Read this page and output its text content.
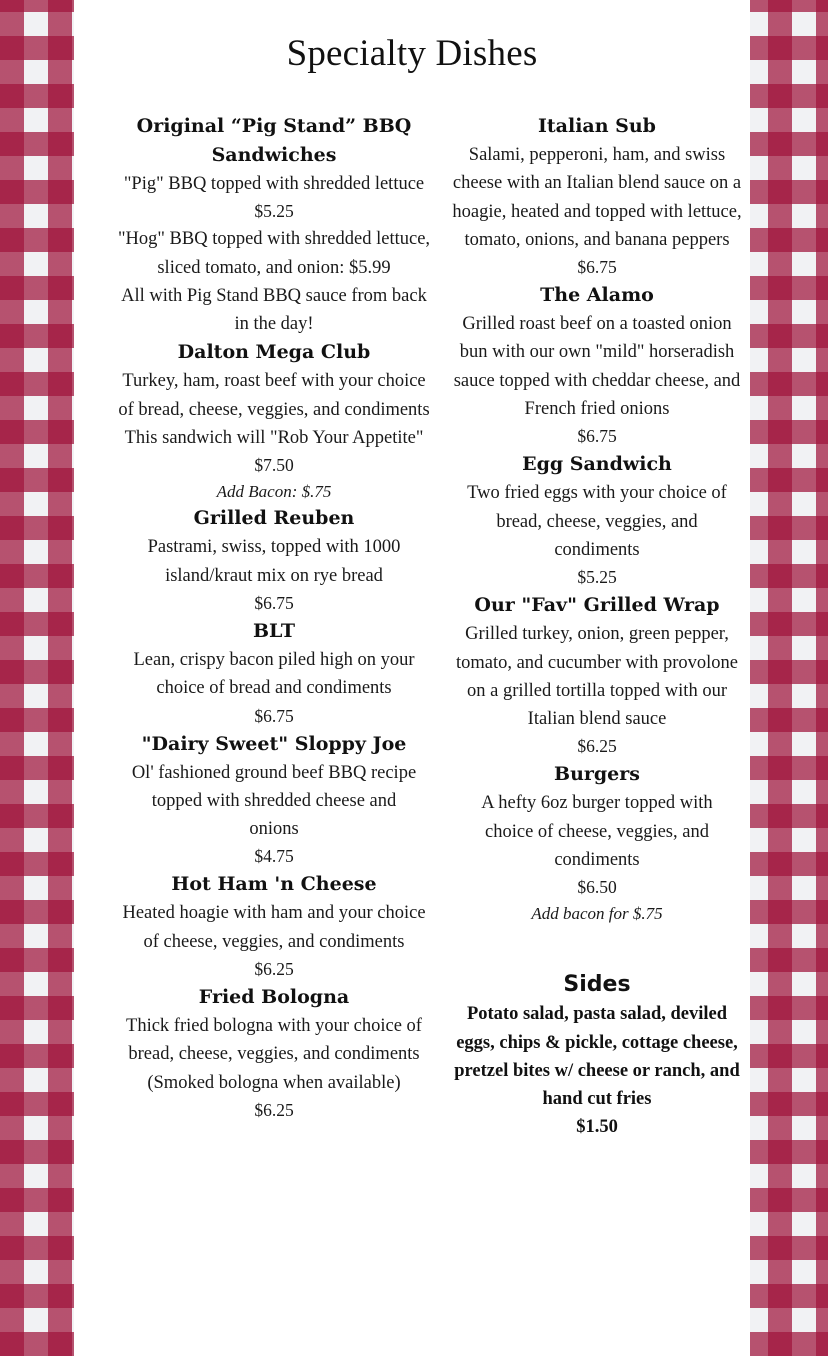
Specialty Dishes
Original “Pig Stand” BBQ Sandwiches
"Pig" BBQ topped with shredded lettuce
$5.25
"Hog" BBQ topped with shredded lettuce, sliced tomato, and onion: $5.99
All with Pig Stand BBQ sauce from back in the day!
Dalton Mega Club
Turkey, ham, roast beef with your choice of bread, cheese, veggies, and condiments
This sandwich will "Rob Your Appetite"
$7.50
Add Bacon: $.75
Grilled Reuben
Pastrami, swiss, topped with 1000 island/kraut mix on rye bread
$6.75
BLT
Lean, crispy bacon piled high on your choice of bread and condiments
$6.75
"Dairy Sweet" Sloppy Joe
Ol' fashioned ground beef BBQ recipe topped with shredded cheese and onions
$4.75
Hot Ham 'n Cheese
Heated hoagie with ham and your choice of cheese, veggies, and condiments
$6.25
Fried Bologna
Thick fried bologna with your choice of bread, cheese, veggies, and condiments
(Smoked bologna when available)
$6.25
Italian Sub
Salami, pepperoni, ham, and swiss cheese with an Italian blend sauce on a hoagie, heated and topped with lettuce, tomato, onions, and banana peppers
$6.75
The Alamo
Grilled roast beef on a toasted onion bun with our own "mild" horseradish sauce topped with cheddar cheese, and French fried onions
$6.75
Egg Sandwich
Two fried eggs with your choice of bread, cheese, veggies, and condiments
$5.25
Our "Fav" Grilled Wrap
Grilled turkey, onion, green pepper, tomato, and cucumber with provolone on a grilled tortilla topped with our Italian blend sauce
$6.25
Burgers
A hefty 6oz burger topped with choice of cheese, veggies, and condiments
$6.50
Add bacon for $.75
Sides
Potato salad, pasta salad, deviled eggs, chips & pickle, cottage cheese, pretzel bites w/ cheese or ranch, and hand cut fries
$1.50
